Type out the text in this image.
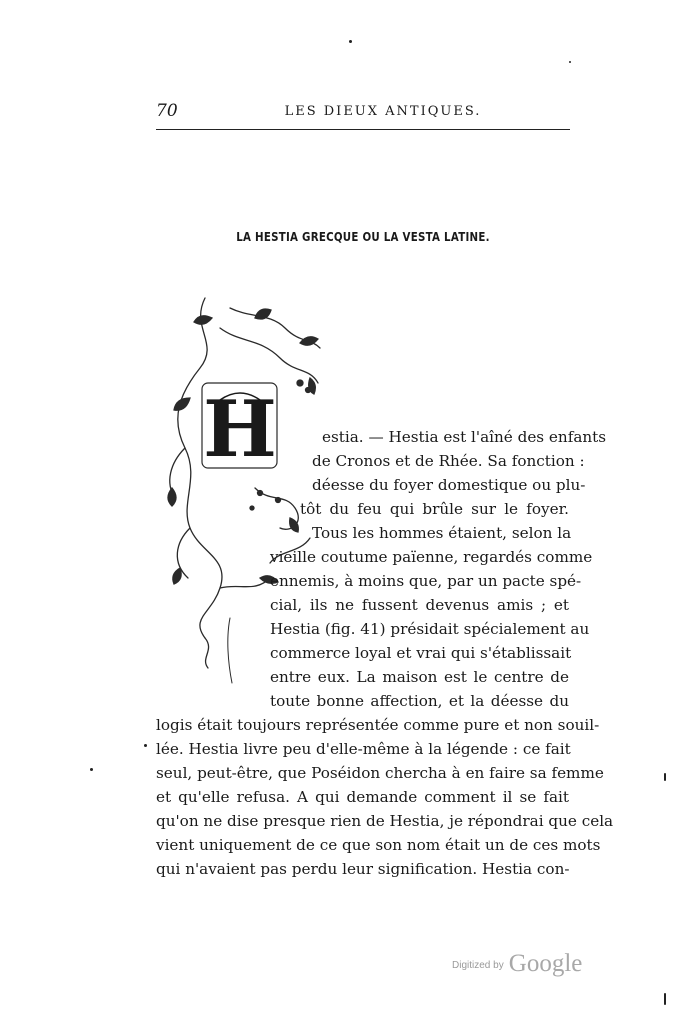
70	LES DIEUX ANTIQUES.
LA HESTIA GRECQUE OU LA VESTA LATINE.
H	estia. — Hestia est l'aîné des enfants
de Cronos et de Rhée. Sa fonction :
déesse du foyer domestique ou plu-
tôt du feu qui brûle sur le foyer.
Tous les hommes étaient, selon la
vieille coutume païenne, regardés comme
ennemis, à moins que, par un pacte spé-
cial, ils ne fussent devenus amis ; et
Hestia (fig. 41) présidait spécialement au
commerce loyal et vrai qui s'établissait
entre eux. La maison est le centre de
toute bonne affection, et la déesse du
logis était toujours représentée comme pure et non souil-
lée. Hestia livre peu d'elle-même à la légende : ce fait
seul, peut-être, que Poséidon chercha à en faire sa femme
et qu'elle refusa. A qui demande comment il se fait
qu'on ne dise presque rien de Hestia, je répondrai que cela
vient uniquement de ce que son nom était un de ces mots
qui n'avaient pas perdu leur signification. Hestia con-
Digitized by Google
